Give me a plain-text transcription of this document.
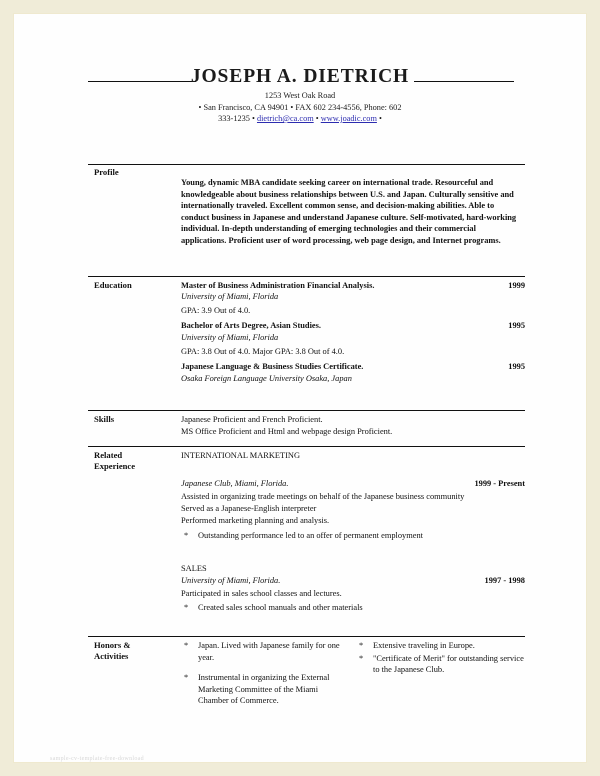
JOSEPH A. DIETRICH
1253 West Oak Road
• San Francisco, CA 94901 • FAX 602 234-4556, Phone: 602
333-1235 • dietrich@ca.com • www.joadic.com •
Profile
Young, dynamic MBA candidate seeking career on international trade. Resourceful and knowledgeable about business relationships between U.S. and Japan. Culturally sensitive and internationally traveled. Excellent common sense, and decision-making abilities. Able to conduct business in Japanese and understand Japanese culture. Self-motivated, hard-working individual. In-depth understanding of emerging technologies and their commercial applications. Proficient user of word processing, web page design, and Internet programs.
Education	Master of Business Administration Financial Analysis.	1999
University of Miami, Florida
GPA: 3.9 Out of 4.0.
Bachelor of Arts Degree, Asian Studies.	1995
University of Miami, Florida
GPA: 3.8 Out of 4.0. Major GPA: 3.8 Out of 4.0.
Japanese Language & Business Studies Certificate.	1995
Osaka Foreign Language University Osaka, Japan
Skills	Japanese Proficient and French Proficient.
MS Office Proficient and Html and webpage design Proficient.
Related
Experience
INTERNATIONAL MARKETING
Japanese Club, Miami, Florida.	1999 - Present
Assisted in organizing trade meetings on behalf of the Japanese business community
Served as a Japanese-English interpreter
Performed marketing planning and analysis.
* Outstanding performance led to an offer of permanent employment
SALES
University of Miami, Florida.	1997 - 1998
Participated in sales school classes and lectures.
* Created sales school manuals and other materials
Honors &
Activities
* Japan. Lived with Japanese family for one year.
* Instrumental in organizing the External Marketing Committee of the Miami Chamber of Commerce.
* Extensive traveling in Europe.
* "Certificate of Merit" for outstanding service to the Japanese Club.
sample-cv-template-free-download
